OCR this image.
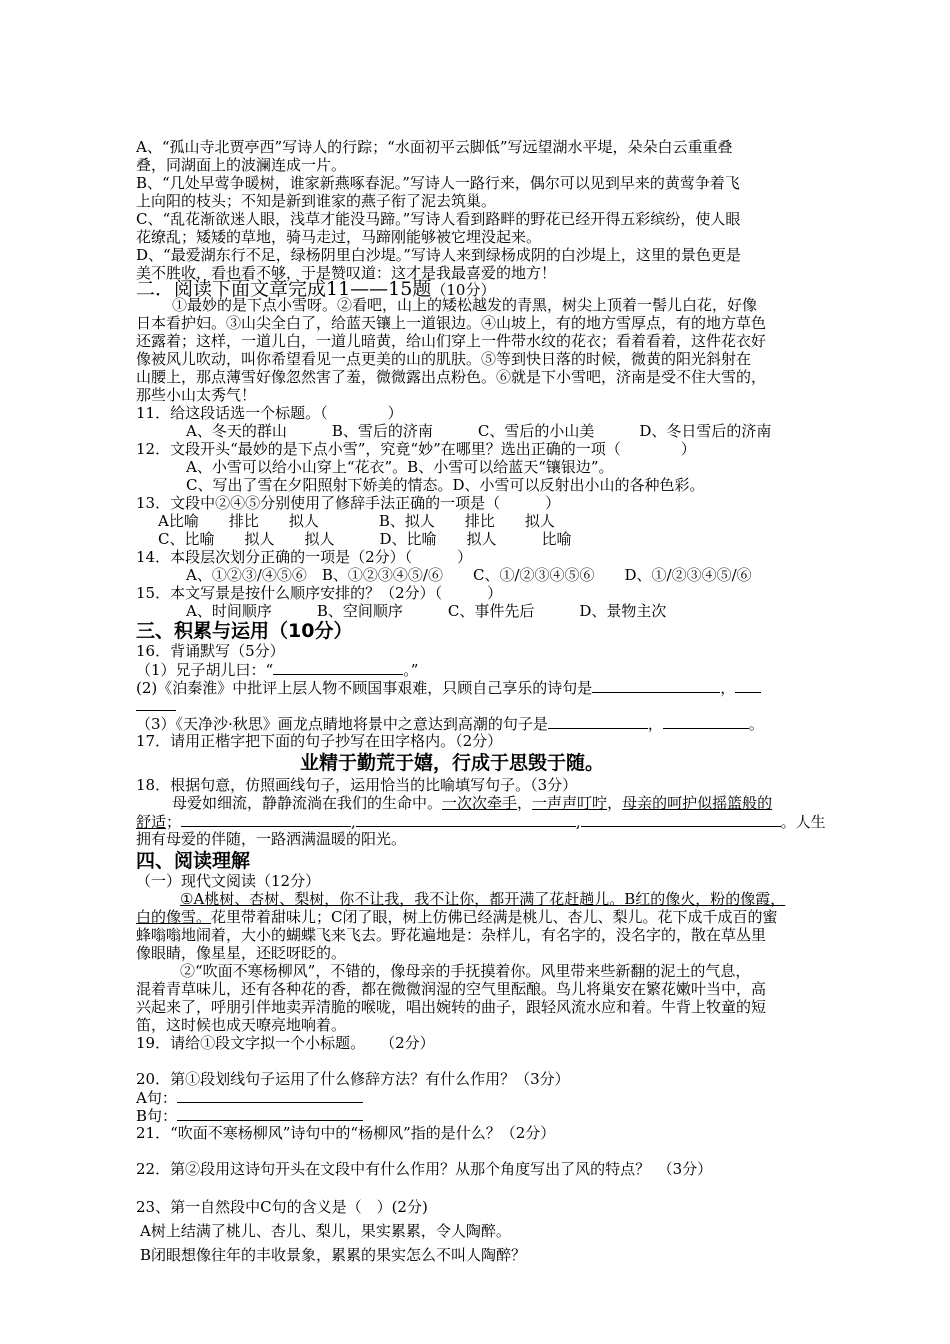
A、“孤山寺北贾亭西”写诗人的行踪；“水面初平云脚低”写远望湖水平堤，朵朵白云重重叠
叠，同湖面上的波澜连成一片。
B、“几处早莺争暖树，谁家新燕啄春泥。”写诗人一路行来，偶尔可以见到早来的黄莺争着飞
上向阳的枝头；不知是新到谁家的燕子衔了泥去筑巢。
C、“乱花渐欲迷人眼，浅草才能没马蹄。”写诗人看到路畔的野花已经开得五彩缤纷，使人眼
花缭乱；矮矮的草地，骑马走过，马蹄刚能够被它埋没起来。
D、“最爱湖东行不足，绿杨阴里白沙堤。”写诗人来到绿杨成阴的白沙堤上，这里的景色更是
美不胜收，看也看不够，于是赞叹道：这才是我最喜爱的地方！
二．阅读下面文章完成11——15题（10分）
①最妙的是下点小雪呀。②看吧，山上的矮松越发的青黑，树尖上顶着一髻儿白花，好像
日本看护妇。③山尖全白了，给蓝天镶上一道银边。④山坡上，有的地方雪厚点，有的地方草色
还露着；这样，一道儿白，一道儿暗黄，给山们穿上一件带水纹的花衣；看着看着，这件花衣好
像被风儿吹动，叫你希望看见一点更美的山的肌肤。⑤等到快日落的时候，微黄的阳光斜射在
山腰上，那点薄雪好像忽然害了羞，微微露出点粉色。⑥就是下小雪吧，济南是受不住大雪的，
那些小山太秀气！
11．给这段话选一个标题。（　　　　）
A、冬天的群山　　　B、雪后的济南　　　C、雪后的小山美　　　D、冬日雪后的济南
12．文段开头“最妙的是下点小雪”，究竟“妙”在哪里？选出正确的一项（　　　　）
A、小雪可以给小山穿上“花衣”。B、小雪可以给蓝天“镶银边”。
C、写出了雪在夕阳照射下娇美的情态。D、小雪可以反射出小山的各种色彩。
13．文段中②④⑤分别使用了修辞手法正确的一项是（　　　）
A比喻　　排比　　拟人　　　　B、拟人　　排比　　拟人
C、比喻　　拟人　　拟人　　　D、比喻　　拟人　　　比喻
14．本段层次划分正确的一项是（2分）（　　　）
A、①②③/④⑤⑥　B、①②③④⑤/⑥　　C、①/②③④⑤⑥　　D、①/②③④⑤/⑥
15．本文写景是按什么顺序安排的？（2分）（　　　）
A、时间顺序　　　B、空间顺序　　　C、事件先后　　　D、景物主次
三、积累与运用（10分）
16．背诵默写（5分）
（1）兄子胡儿曰：“	。”
(2)《泊秦淮》中批评上层人物不顾国事艰难，只顾自己享乐的诗句是	，
（3）《天净沙·秋思》画龙点睛地将景中之意达到高潮的句子是	，	。
17．请用正楷字把下面的句子抄写在田字格内。（2分）
业精于勤荒于嬉，行成于思毁于随。
18．根据句意，仿照画线句子，运用恰当的比喻填写句子。（3分）
母爱如细流，静静流淌在我们的生命中。一次次牵手，一声声叮咛，母亲的呵护似摇篮般的
舒适；	,	,	。人生
拥有母爱的伴随，一路洒满温暖的阳光。
四、阅读理解
（一）现代文阅读（12分）
①A桃树、杏树、梨树，你不让我，我不让你，都开满了花赶趟儿。B红的像火，粉的像霞，
白的像雪。花里带着甜味儿；C闭了眼，树上仿佛已经满是桃儿、杏儿、梨儿。花下成千成百的蜜
蜂嗡嗡地闹着，大小的蝴蝶飞来飞去。野花遍地是：杂样儿，有名字的，没名字的，散在草丛里
像眼睛，像星星，还眨呀眨的。
②“吹面不寒杨柳风”，不错的，像母亲的手抚摸着你。风里带来些新翻的泥土的气息，
混着青草味儿，还有各种花的香，都在微微润湿的空气里酝酿。鸟儿将巢安在繁花嫩叶当中，高
兴起来了，呼朋引伴地卖弄清脆的喉咙，唱出婉转的曲子，跟轻风流水应和着。牛背上牧童的短
笛，这时候也成天嘹亮地响着。
19．请给①段文字拟一个小标题。　　（2分）
20．第①段划线句子运用了什么修辞方法？有什么作用？（3分）
A句：
B句：
21．“吹面不寒杨柳风”诗句中的“杨柳风”指的是什么？（2分）
22．第②段用这诗句开头在文段中有什么作用？从那个角度写出了风的特点？　（3分）
23、第一自然段中C句的含义是（　）(2分)
A树上结满了桃儿、杏儿、梨儿，果实累累，令人陶醉。
B闭眼想像往年的丰收景象，累累的果实怎么不叫人陶醉？
